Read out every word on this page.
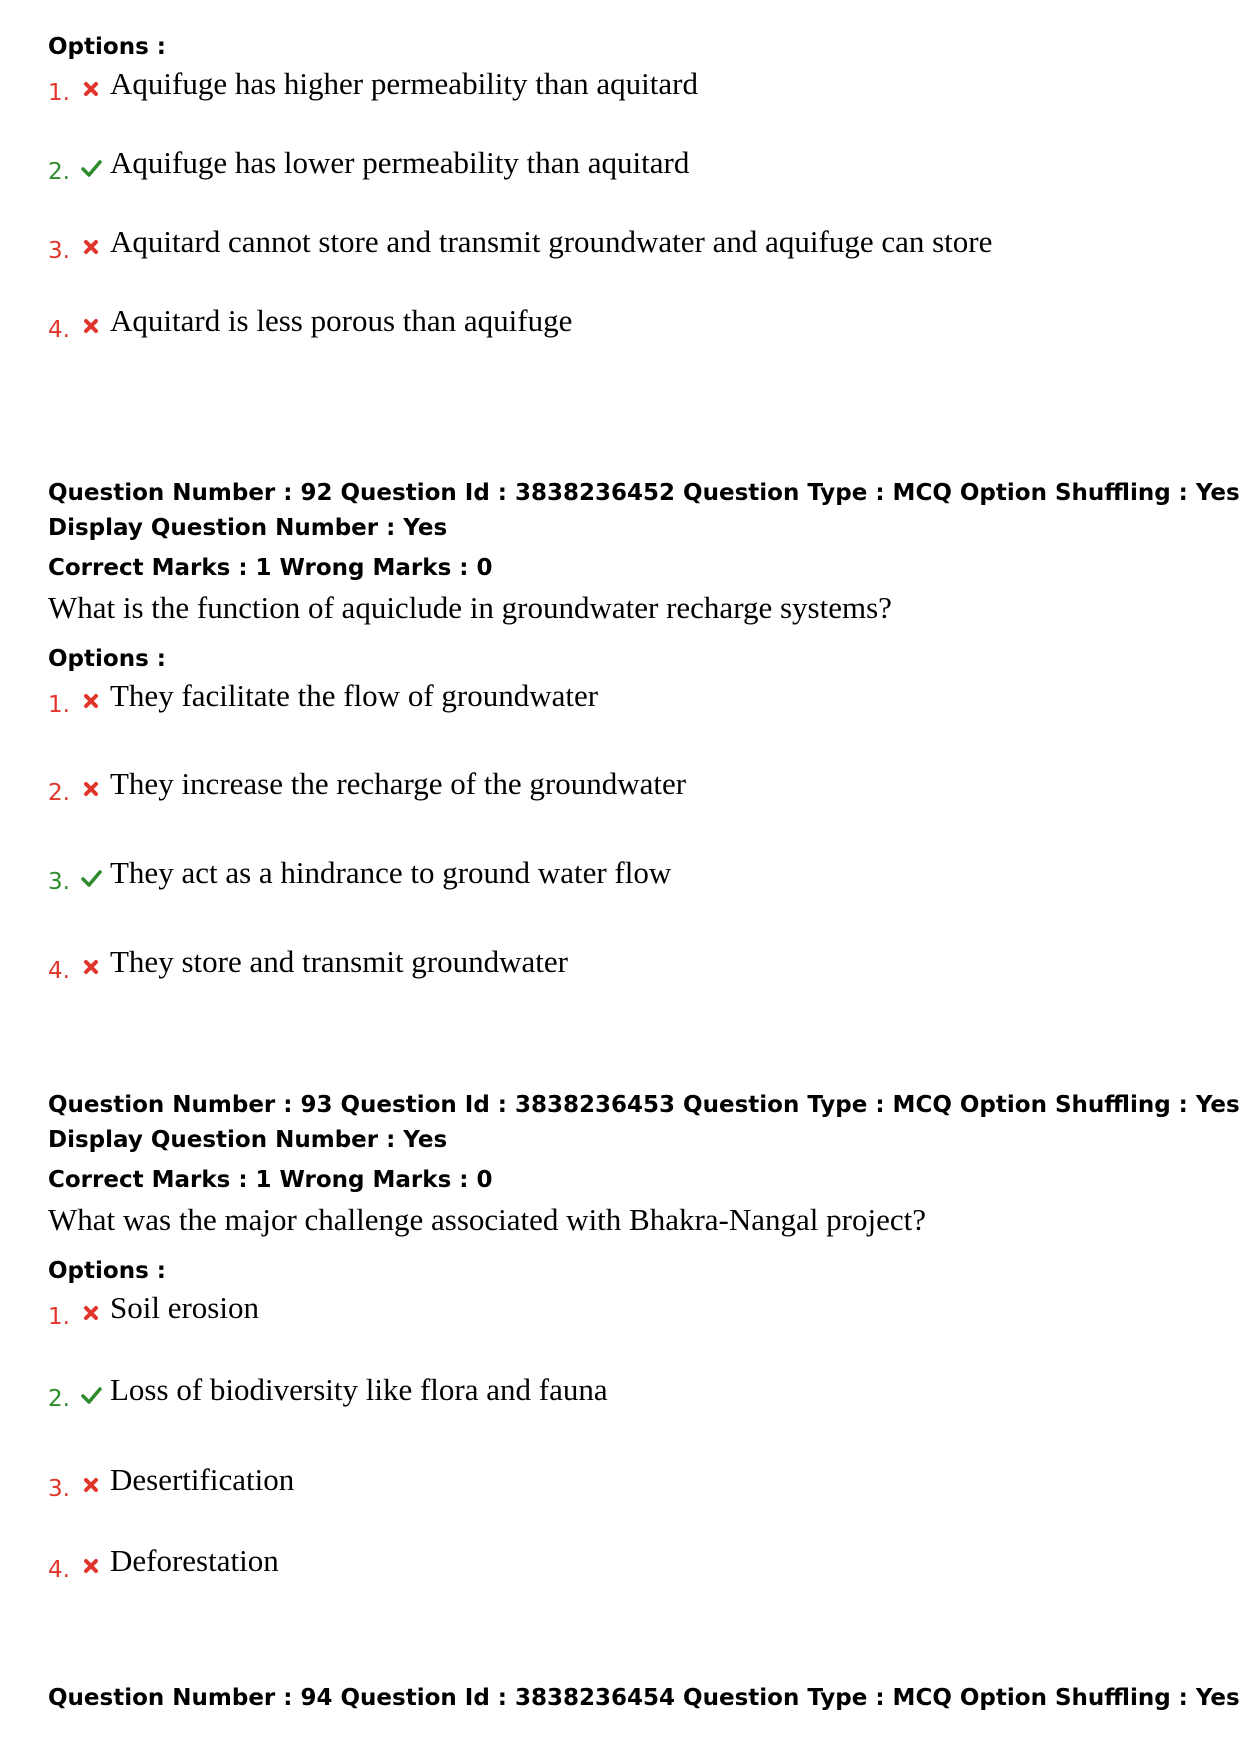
Options :
1. Aquifuge has higher permeability than aquitard
2. Aquifuge has lower permeability than aquitard
3. Aquitard cannot store and transmit groundwater and aquifuge can store
4. Aquitard is less porous than aquifuge
Question Number : 92 Question Id : 3838236452 Question Type : MCQ Option Shuffling : Yes
Display Question Number : Yes
Correct Marks : 1 Wrong Marks : 0
What is the function of aquiclude in groundwater recharge systems?
Options :
1. They facilitate the flow of groundwater
2. They increase the recharge of the groundwater
3. They act as a hindrance to ground water flow
4. They store and transmit groundwater
Question Number : 93 Question Id : 3838236453 Question Type : MCQ Option Shuffling : Yes
Display Question Number : Yes
Correct Marks : 1 Wrong Marks : 0
What was the major challenge associated with Bhakra-Nangal project?
Options :
1. Soil erosion
2. Loss of biodiversity like flora and fauna
3. Desertification
4. Deforestation
Question Number : 94 Question Id : 3838236454 Question Type : MCQ Option Shuffling : Yes
